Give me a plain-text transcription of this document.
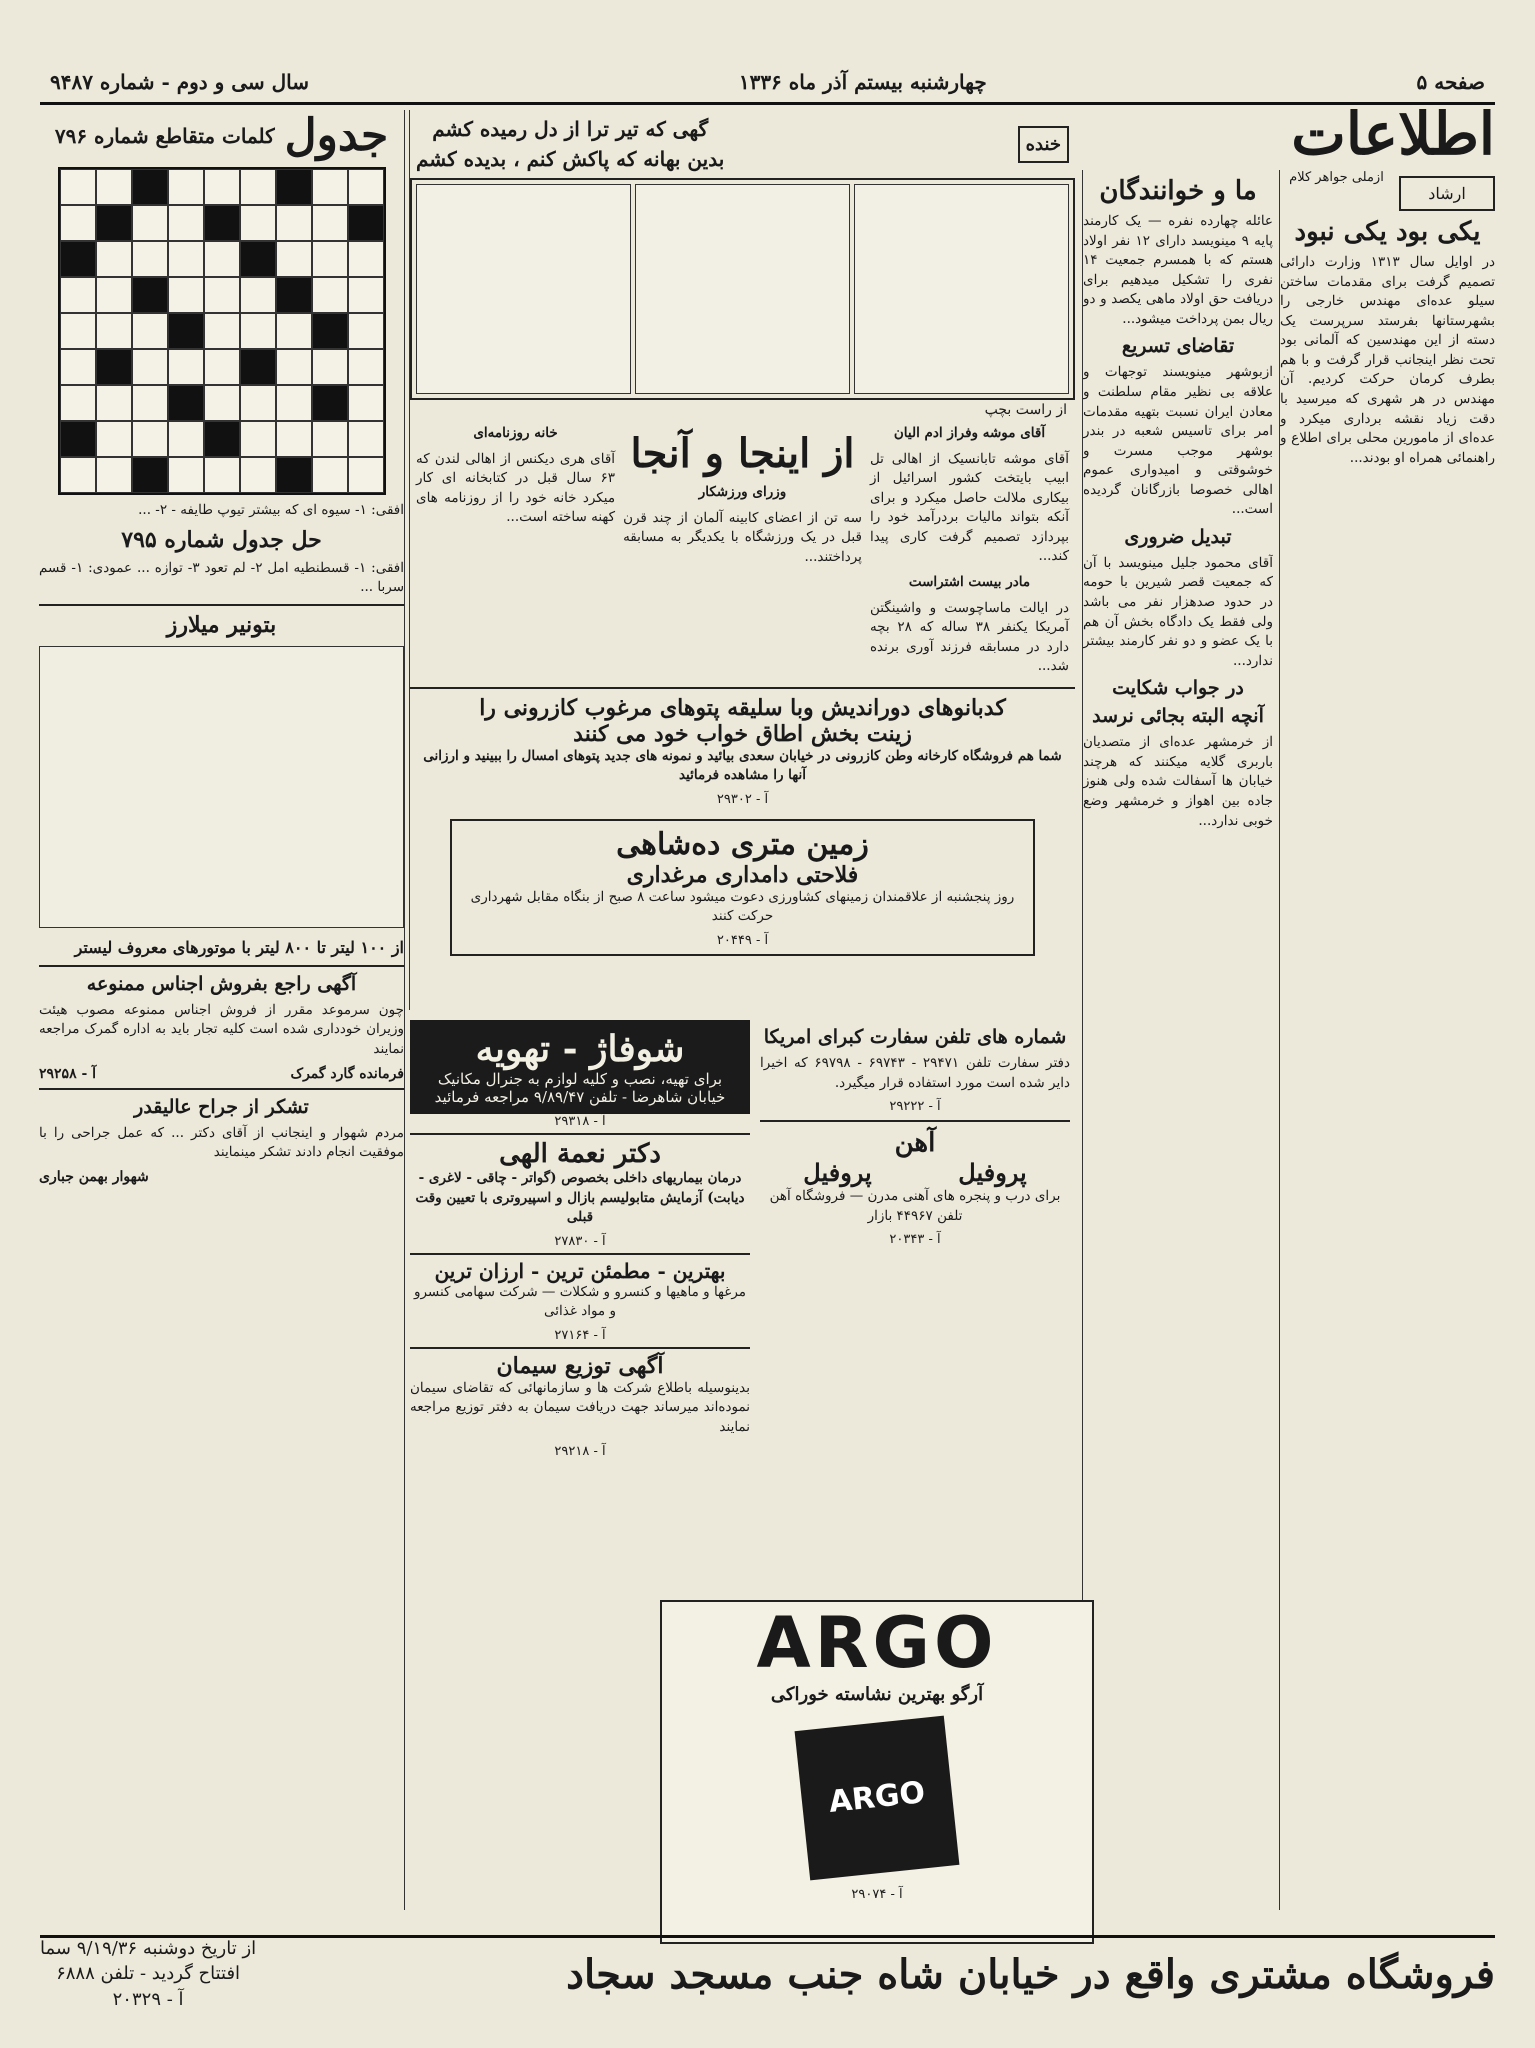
صفحه ۵
چهارشنبه بیستم آذر ماه ۱۳۳۶
سال سی و دوم - شماره ۹۴۸۷
اطلاعات
ارشاد
ازملی جواهر کلام
یکی بود یکی نبود

در اوایل سال ۱۳۱۳ وزارت دارائی تصمیم گرفت برای مقدمات ساختن سیلو عده‌ای مهندس خارجی را بشهرستانها بفرستد سرپرست یک دسته از این مهندسین که آلمانی بود تحت نظر اینجانب قرار گرفت و با هم بطرف کرمان حرکت کردیم. آن مهندس در هر شهری که میرسید با دقت زیاد نقشه برداری میکرد و عده‌ای از مامورین محلی برای اطلاع و راهنمائی همراه او بودند...

ما و خوانندگان

عائله چهارده نفره — یک کارمند پایه ۹ مینویسد دارای ۱۲ نفر اولاد هستم که با همسرم جمعیت ۱۴ نفری را تشکیل میدهیم برای دریافت حق اولاد ماهی یکصد و دو ریال بمن پرداخت میشود...

تقاضای تسریع

ازبوشهر مینویسند توجهات و علاقه بی نظیر مقام سلطنت و معادن ایران نسبت بتهیه مقدمات امر برای تاسیس شعبه در بندر بوشهر موجب مسرت و خوشوقتی و امیدواری عموم اهالی خصوصا بازرگانان گردیده است...

تبدیل ضروری

آقای محمود جلیل مینویسد با آن که جمعیت قصر شیرین با حومه در حدود صدهزار نفر می باشد ولی فقط یک دادگاه بخش آن هم با یک عضو و دو نفر کارمند بیشتر ندارد...

در جواب شکایت
آنچه البته بجائی نرسد

از خرمشهر عده‌ای از متصدیان باربری گلایه میکنند که هرچند خیابان ها آسفالت شده ولی هنوز جاده بین اهواز و خرمشهر وضع خوبی ندارد...

خنده
گهی که تیر ترا از دل رمیده کشم
بدین بهانه که پاکش کنم ، بدیده کشم
از راست بچپ

آقای موشه وفراز ادم الیان

آقای موشه تابانسیک از اهالی تل ابیب بایتخت کشور اسرائیل از بیکاری ملالت حاصل میکرد و برای آنکه بتواند مالیات بردرآمد خود را بپردازد تصمیم گرفت کاری پیدا کند...

مادر بیست اشتراست

در ایالت ماساچوست و واشینگتن آمریکا یکنفر ۳۸ ساله که ۲۸ بچه دارد در مسابقه فرزند آوری برنده شد...

از اینجا و آنجا

وزرای ورزشکار

سه تن از اعضای کابینه آلمان از چند قرن قبل در یک ورزشگاه با یکدیگر به مسابقه پرداختند...

خانه روزنامه‌ای

آقای هری دیکنس از اهالی لندن که ۶۳ سال قبل در کتابخانه ای کار میکرد خانه خود را از روزنامه های کهنه ساخته است...

کدبانوهای دوراندیش وبا سلیقه پتوهای مرغوب کازرونی را
زینت بخش اطاق خواب خود می کنند

شما هم فروشگاه کارخانه وطن کازرونی در خیابان سعدی بیائید و نمونه های جدید پتوهای امسال را ببینید و ارزانی آنها را مشاهده فرمائید

آ - ۲۹۳۰۲
زمین متری ده‌شاهی
فلاحتی دامداری مرغداری

روز پنجشنبه از علاقمندان زمینهای کشاورزی دعوت میشود ساعت ۸ صبح از بنگاه مقابل شهرداری حرکت کنند

آ - ۲۰۴۴۹
شماره های تلفن سفارت کبرای امریکا

دفتر سفارت تلفن ۲۹۴۷۱ - ۶۹۷۴۳ - ۶۹۷۹۸ که اخیرا دایر شده است مورد استفاده قرار میگیرد.

آ - ۲۹۲۲۲
آهن
پروفیل
پروفیل

برای درب و پنجره های آهنی مدرن — فروشگاه آهن تلفن ۴۴۹۶۷ بازار

آ - ۲۰۳۴۳
شوفاژ - تهویه
برای تهیه، نصب و کلیه لوازم به جنرال مکانیک
خیابان شاهرضا - تلفن ۹/۸۹/۴۷ مراجعه فرمائید
آ - ۲۹۳۱۸
دکتر نعمة الهی

درمان بیماریهای داخلی بخصوص (گواتر - چاقی - لاغری - دیابت) آزمایش متابولیسم بازال و اسپیروتری با تعیین وقت قبلی

آ - ۲۷۸۳۰
بهترین - مطمئن ترین - ارزان ترین

مرغها و ماهیها و کنسرو و شکلات — شرکت سهامی کنسرو و مواد غذائی

آ - ۲۷۱۶۴
آگهی توزیع سیمان

بدینوسیله باطلاع شرکت ها و سازمانهائی که تقاضای سیمان نموده‌اند میرساند جهت دریافت سیمان به دفتر توزیع مراجعه نمایند

آ - ۲۹۲۱۸
ARGO
آرگو بهترین نشاسته خوراکی
ARGO
آ - ۲۹۰۷۴
جدول
کلمات متقاطع شماره ۷۹۶

افقی: ۱- سیوه ای که بیشتر تیوپ طایفه - ۲- ...

حل جدول شماره ۷۹۵

افقی: ۱- قسطنطیه امل ۲- لم تعود ۳- توازه ... عمودی: ۱- قسم سربا ...

بتونیر میلارز

از ۱۰۰ لیتر تا ۸۰۰ لیتر با موتورهای معروف لیستر

آگهی راجع بفروش اجناس ممنوعه

چون سرموعد مقرر از فروش اجناس ممنوعه مصوب هیئت وزیران خودداری شده است کلیه تجار باید به اداره گمرک مراجعه نمایند

فرمانده گارد گمرک
آ - ۲۹۲۵۸
تشکر از جراح عالیقدر

مردم شهوار و اینجانب از آقای دکتر ... که عمل جراحی را با موفقیت انجام دادند تشکر مینمایند

شهوار بهمن جباری
فروشگاه مشتری واقع در خیابان شاه جنب مسجد سجاد
از تاریخ دوشنبه ۹/۱۹/۳۶ سما
افتتاح گردید - تلفن ۶۸۸۸
آ - ۲۰۳۲۹
